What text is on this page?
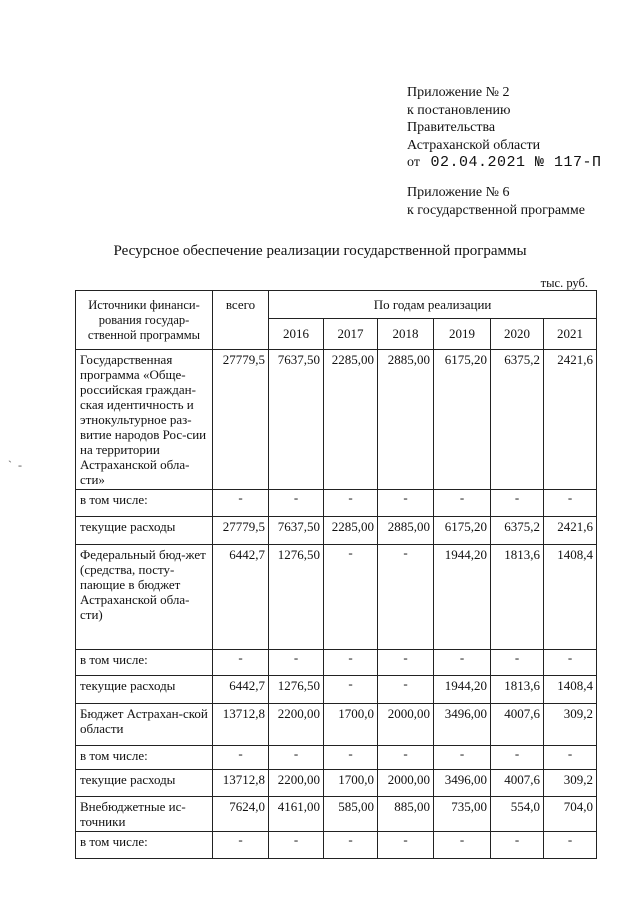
Приложение № 2
к постановлению
Правительства
Астраханской области
от 02.04.2021 № 117-П
Приложение № 6
к государственной программе
Ресурсное обеспечение реализации государственной программы
тыс. руб.
`  -
Источники финанси-рования государ-ственной программы	всего	По годам реализации					
		2016	2017	2018	2019	2020	2021
Государственная программа «Обще-российская граждан-ская идентичность и этнокультурное раз-витие народов Рос-сии на территории Астраханской обла-сти»	27779,5	7637,50	2285,00	2885,00	6175,20	6375,2	2421,6
в том числе:	-	-	-	-	-	-	-
текущие расходы	27779,5	7637,50	2285,00	2885,00	6175,20	6375,2	2421,6
Федеральный бюд-жет (средства, посту-пающие в бюджет Астраханской обла-сти)	6442,7	1276,50	-	-	1944,20	1813,6	1408,4
в том числе:	-	-	-	-	-	-	-
текущие расходы	6442,7	1276,50	-	-	1944,20	1813,6	1408,4
Бюджет Астрахан-ской области	13712,8	2200,00	1700,0	2000,00	3496,00	4007,6	309,2
в том числе:	-	-	-	-	-	-	-
текущие расходы	13712,8	2200,00	1700,0	2000,00	3496,00	4007,6	309,2
Внебюджетные ис-точники	7624,0	4161,00	585,00	885,00	735,00	554,0	704,0
в том числе:	-	-	-	-	-	-	-
